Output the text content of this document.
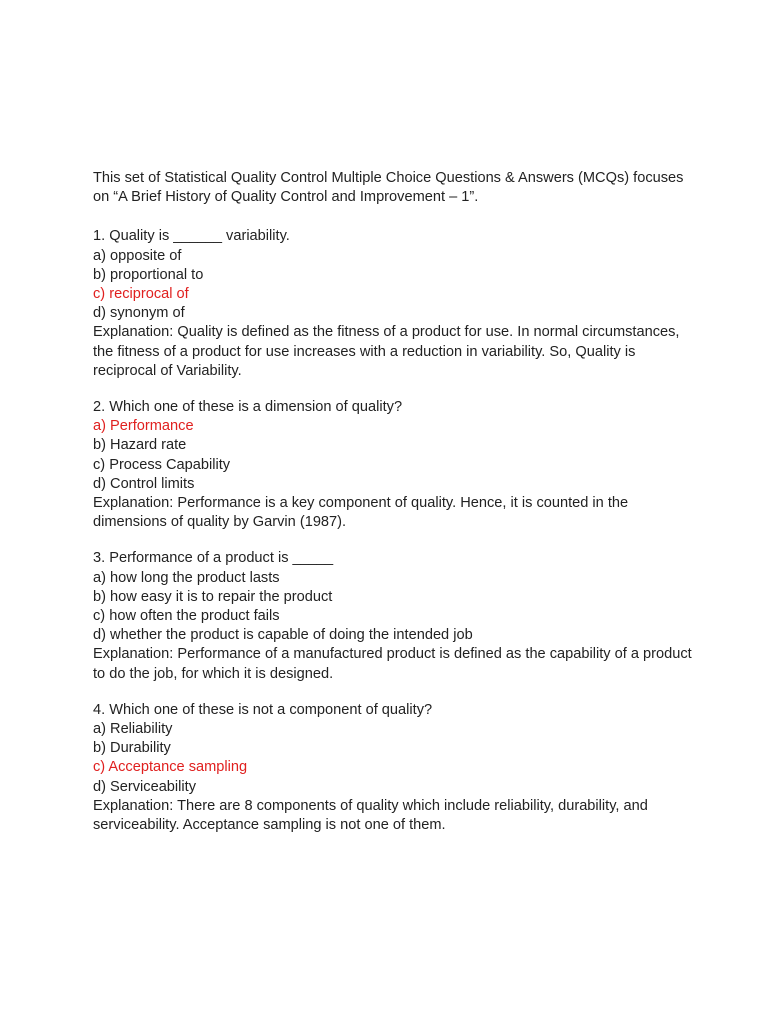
This set of Statistical Quality Control Multiple Choice Questions & Answers (MCQs) focuses on “A Brief History of Quality Control and Improvement – 1”.

1. Quality is ______ variability.
a) opposite of
b) proportional to
c) reciprocal of
d) synonym of
Explanation: Quality is defined as the fitness of a product for use. In normal circumstances, the fitness of a product for use increases with a reduction in variability. So, Quality is reciprocal of Variability.
2. Which one of these is a dimension of quality?
a) Performance
b) Hazard rate
c) Process Capability
d) Control limits
Explanation: Performance is a key component of quality. Hence, it is counted in the dimensions of quality by Garvin (1987).
3. Performance of a product is _____
a) how long the product lasts
b) how easy it is to repair the product
c) how often the product fails
d) whether the product is capable of doing the intended job
Explanation: Performance of a manufactured product is defined as the capability of a product to do the job, for which it is designed.
4. Which one of these is not a component of quality?
a) Reliability
b) Durability
c) Acceptance sampling
d) Serviceability
Explanation: There are 8 components of quality which include reliability, durability, and serviceability. Acceptance sampling is not one of them.
